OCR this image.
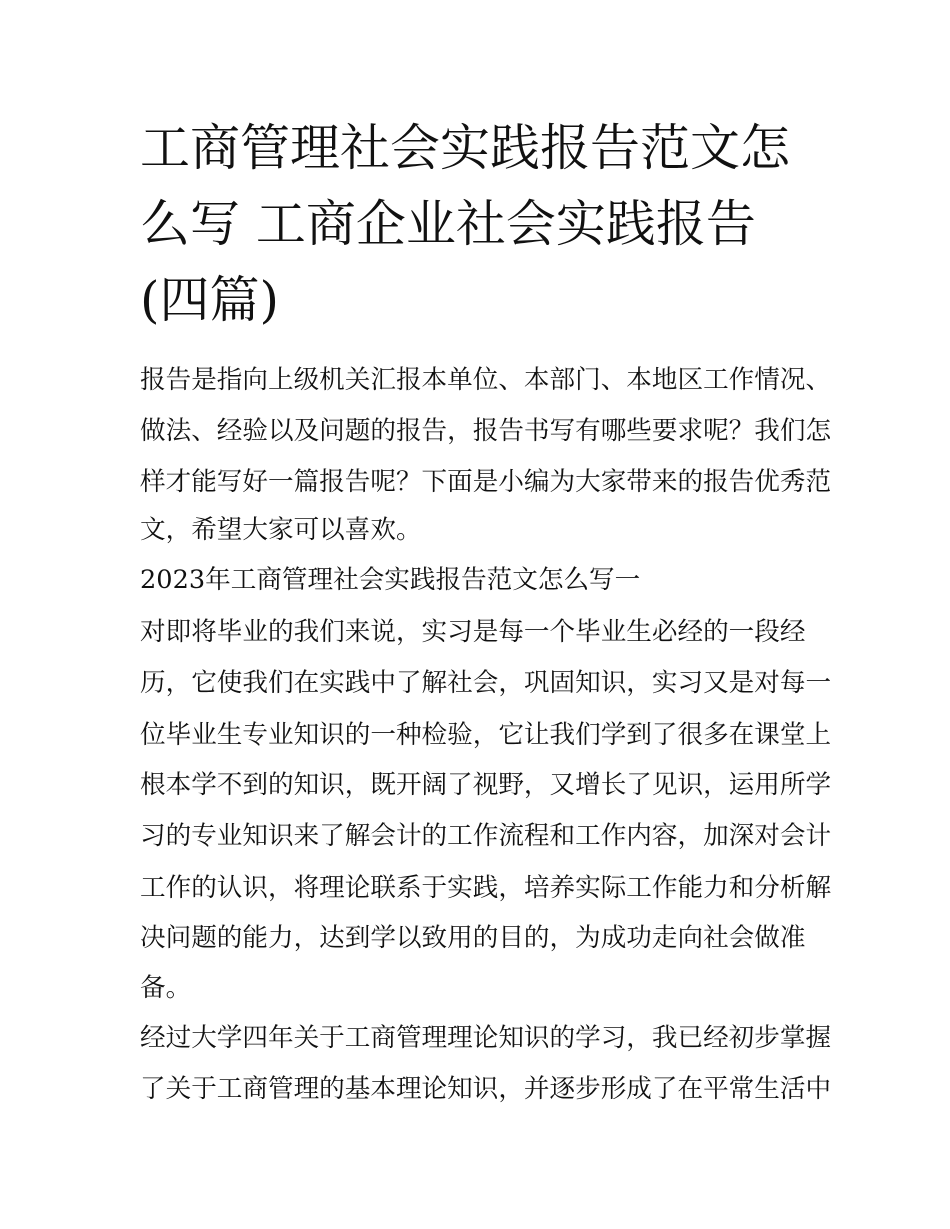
工商管理社会实践报告范文怎
么写 工商企业社会实践报告
(四篇)
报告是指向上级机关汇报本单位、本部门、本地区工作情况、
做法、经验以及问题的报告，报告书写有哪些要求呢？我们怎
样才能写好一篇报告呢？下面是小编为大家带来的报告优秀范
文，希望大家可以喜欢。
2023年工商管理社会实践报告范文怎么写一
对即将毕业的我们来说，实习是每一个毕业生必经的一段经
历，它使我们在实践中了解社会，巩固知识，实习又是对每一
位毕业生专业知识的一种检验，它让我们学到了很多在课堂上
根本学不到的知识，既开阔了视野，又增长了见识，运用所学
习的专业知识来了解会计的工作流程和工作内容，加深对会计
工作的认识，将理论联系于实践，培养实际工作能力和分析解
决问题的能力，达到学以致用的目的，为成功走向社会做准
备。
经过大学四年关于工商管理理论知识的学习，我已经初步掌握
了关于工商管理的基本理论知识，并逐步形成了在平常生活中
